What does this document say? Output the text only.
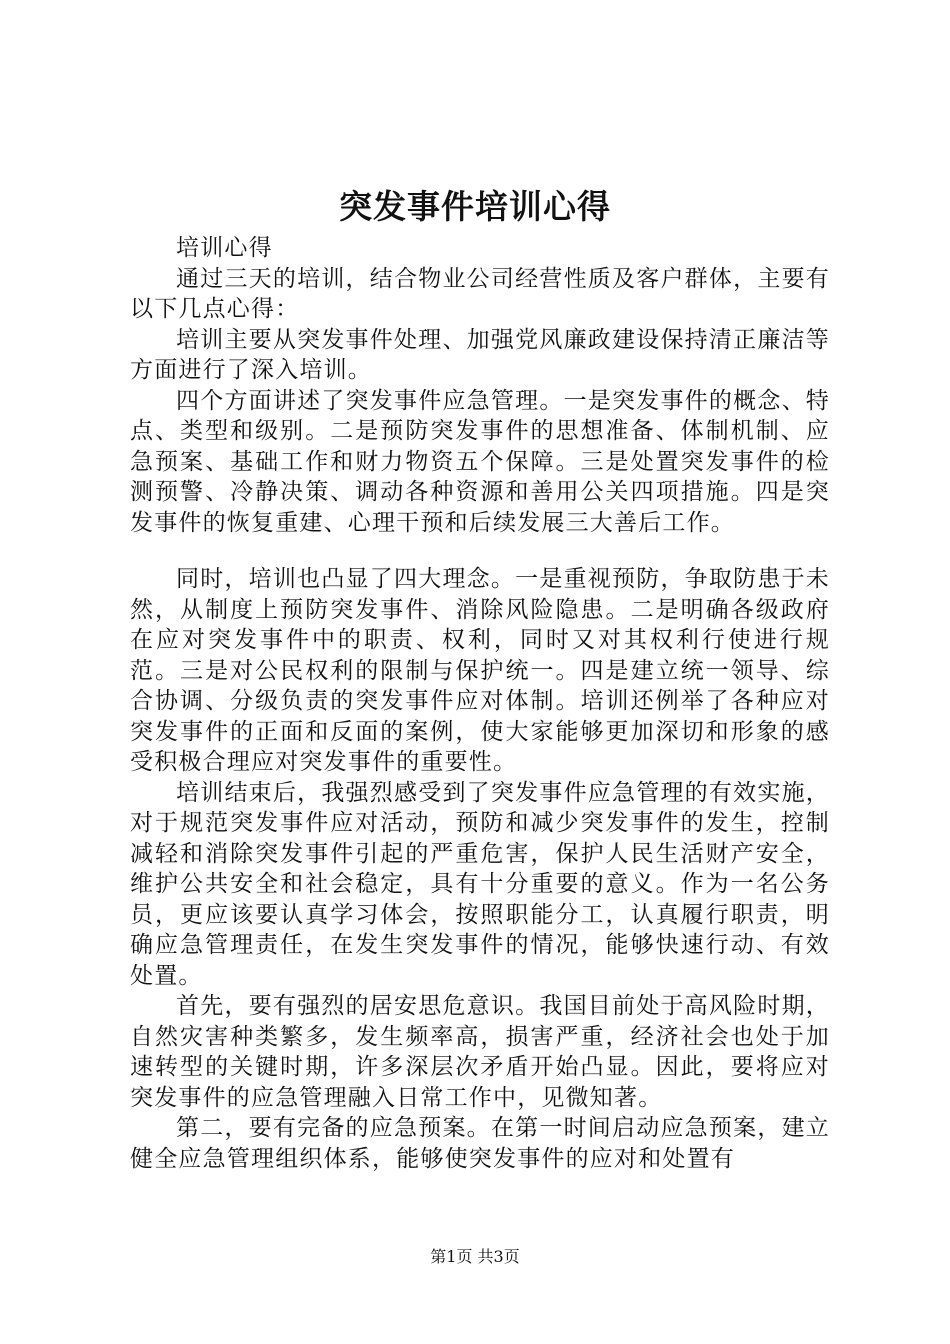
突发事件培训心得

培训心得

通过三天的培训，结合物业公司经营性质及客户群体，主要有以下几点心得：

培训主要从突发事件处理、加强党风廉政建设保持清正廉洁等方面进行了深入培训。

四个方面讲述了突发事件应急管理。一是突发事件的概念、特点、类型和级别。二是预防突发事件的思想准备、体制机制、应急预案、基础工作和财力物资五个保障。三是处置突发事件的检测预警、冷静决策、调动各种资源和善用公关四项措施。四是突发事件的恢复重建、心理干预和后续发展三大善后工作。

同时，培训也凸显了四大理念。一是重视预防，争取防患于未然，从制度上预防突发事件、消除风险隐患。二是明确各级政府在应对突发事件中的职责、权利，同时又对其权利行使进行规范。三是对公民权利的限制与保护统一。四是建立统一领导、综合协调、分级负责的突发事件应对体制。培训还例举了各种应对突发事件的正面和反面的案例，使大家能够更加深切和形象的感受积极合理应对突发事件的重要性。

培训结束后，我强烈感受到了突发事件应急管理的有效实施，对于规范突发事件应对活动，预防和减少突发事件的发生，控制减轻和消除突发事件引起的严重危害，保护人民生活财产安全，维护公共安全和社会稳定，具有十分重要的意义。作为一名公务员，更应该要认真学习体会，按照职能分工，认真履行职责，明确应急管理责任，在发生突发事件的情况，能够快速行动、有效处置。

首先，要有强烈的居安思危意识。我国目前处于高风险时期，自然灾害种类繁多，发生频率高，损害严重，经济社会也处于加速转型的关键时期，许多深层次矛盾开始凸显。因此，要将应对突发事件的应急管理融入日常工作中，见微知著。

第二，要有完备的应急预案。在第一时间启动应急预案，建立健全应急管理组织体系，能够使突发事件的应对和处置有

第1页 共3页
